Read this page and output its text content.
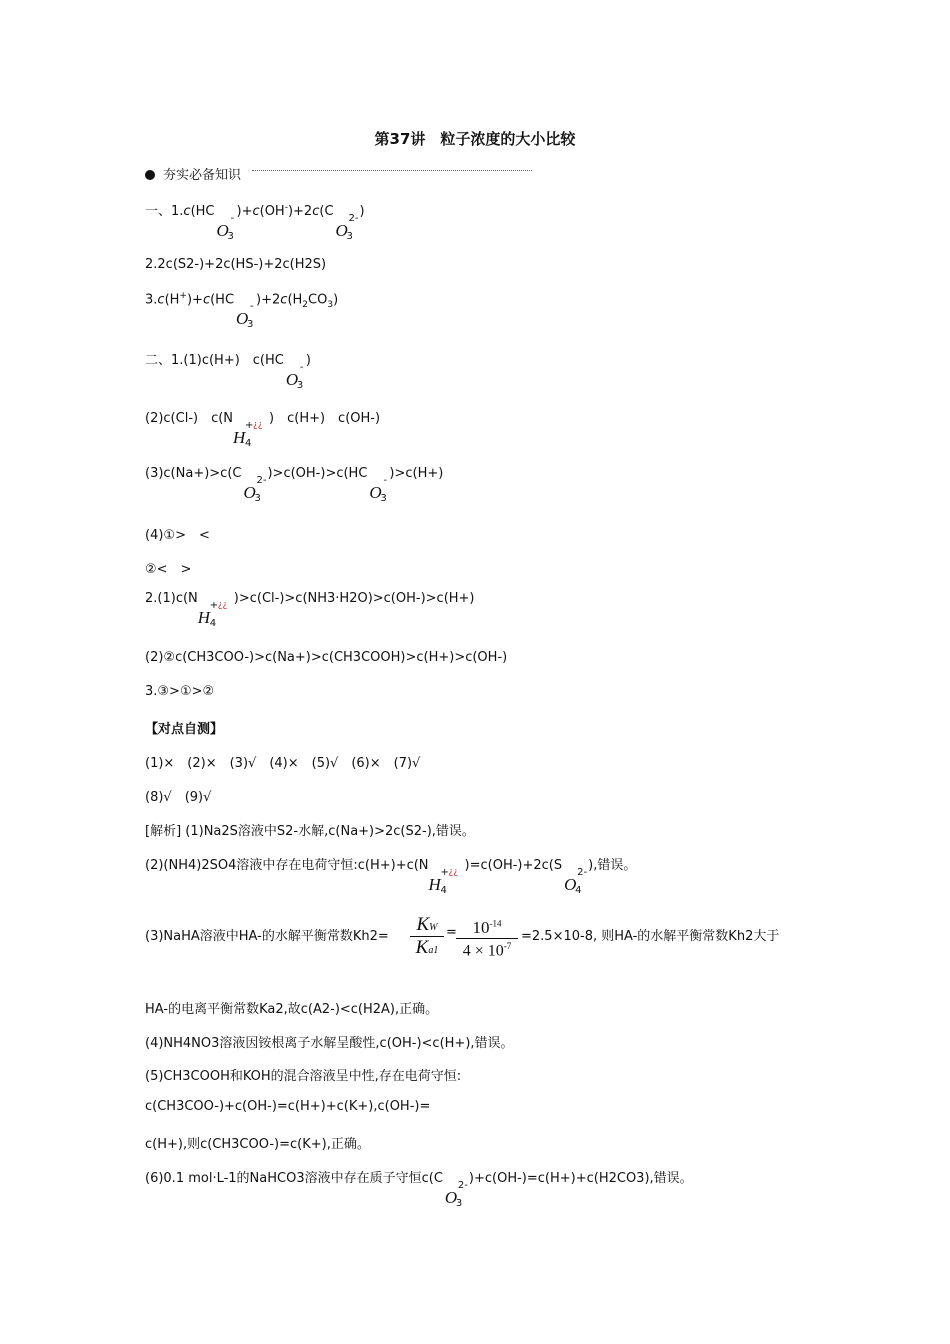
第37讲　粒子浓度的大小比较
夯实必备知识
一、1.c(HC
O
3
- )+c(OH-)+2c(C
O
3
2- )
2.2c(S2-)+2c(HS-)+2c(H2S)
3.c(H+)+c(HC
O
3
- )$+2c(H_2CO_3)$
二、1.(1)c(H+)　c(HC
O
3
- )
(2)c(Cl-)　c(N
H 4
+ ¿¿ )　c(H+)　c(OH-)
(3)c(Na+)>c(C
O
3
2- )>c(OH-)>c(HC
O
3
- )>c(H+)
(4)①>　<
②<　>
2.(1)c(N
H 4
+ ¿¿ )>c(Cl-)>c(NH3·H2O)>c(OH-)>c(H+)
(2)②c(CH3COO-)>c(Na+)>c(CH3COOH)>c(H+)>c(OH-)
3.③>①>②
【对点自测】
(1)×　(2)×　(3)√　(4)×　(5)√　(6)×　(7)√
(8)√　(9)√
[解析] (1)Na2S溶液中S2-水解,c(Na+)>2c(S2-),错误。
(2)(NH4)2SO4溶液中存在电荷守恒:c(H+)+c(N
H 4
+ ¿¿ )=c(OH-)+2c(S
O
4
2- ),错误。
(3)NaHA溶液中HA-的水解平衡常数$Kh2= \frac{KW}{Ka1} = \frac{10^{-14}}{4 \times 10^{-7}} =2.5\times 10-8$, 则HA-的水解平衡常数Kh2大于
HA-的电离平衡常数Ka2,故c(A2-)<c(H2A),正确。
(4)NH4NO3溶液因铵根离子水解呈酸性,c(OH-)<c(H+),错误。
(5)CH3COOH和KOH的混合溶液呈中性,存在电荷守恒:
c(CH3COO-)+c(OH-)=c(H+)+c(K+),c(OH-)=
c(H+),则c(CH3COO-)=c(K+),正确。
(6)0.1 mol·L-1的NaHCO3溶液中存在质子守恒c(C
O
3
2- )+c(OH-)=c(H+)+c(H2CO3),错误。
